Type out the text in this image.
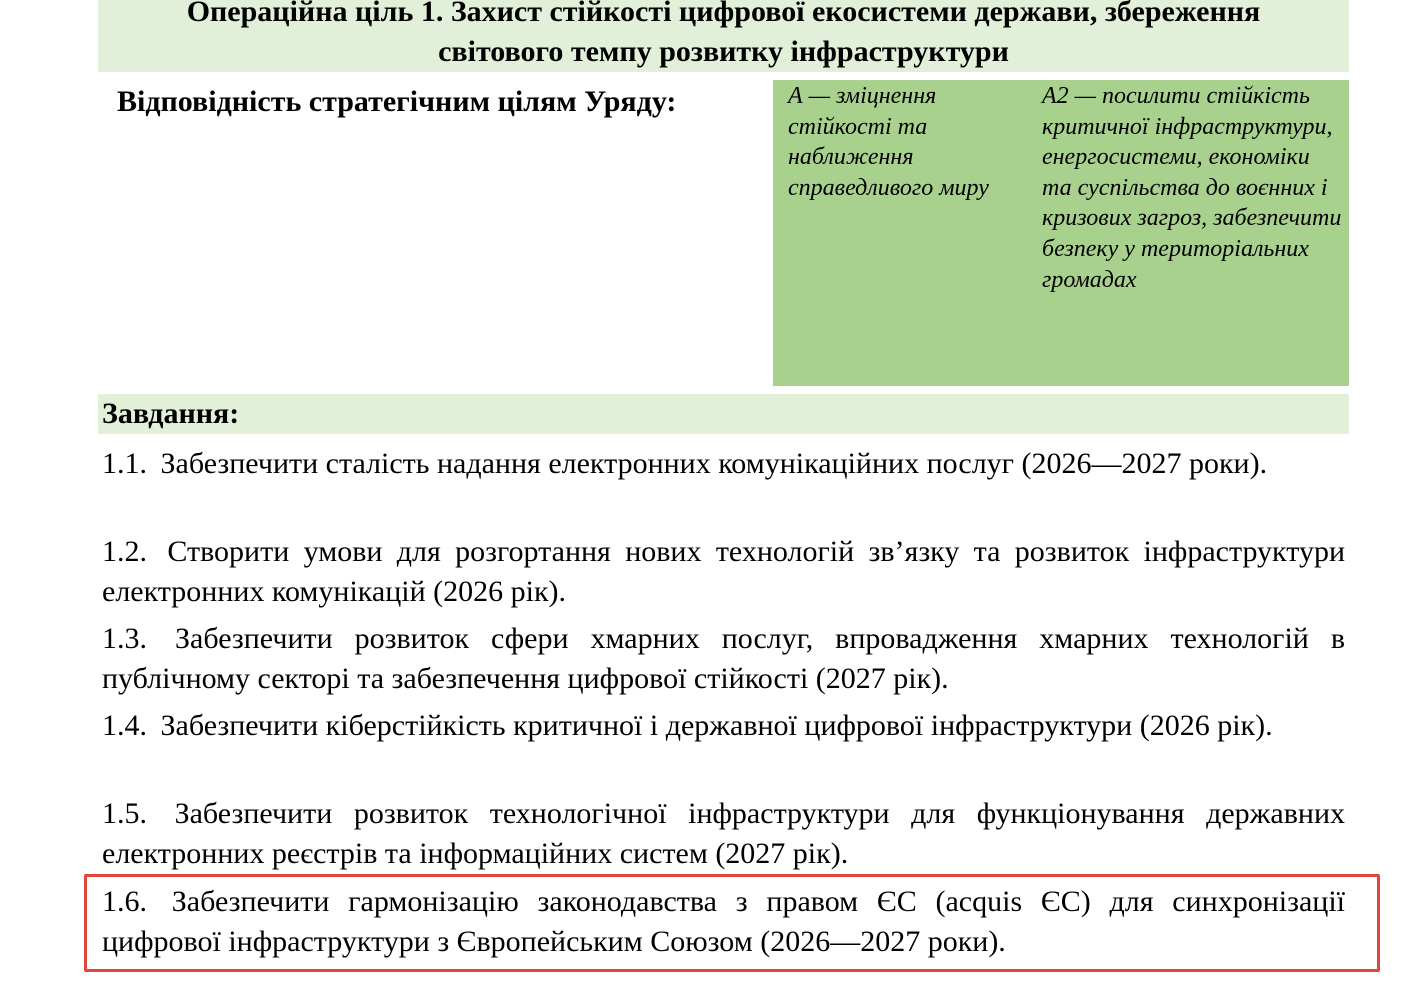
Операційна ціль 1. Захист стійкості цифрової екосистеми держави, збереження
світового темпу розвитку інфраструктури
Відповідність стратегічним цілям Уряду:	А — зміцнення стійкості та наближення справедливого миру
А2 — посилити стійкість критичної інфраструктури, енергосистеми, економіки та суспільства до воєнних і кризових загроз, забезпечити безпеку у територіальних громадах
Завдання:
1.1. Забезпечити сталість надання електронних комунікаційних послуг (2026—2027 роки).
1.2. Створити умови для розгортання нових технологій зв’язку та розвиток інфраструктури електронних комунікацій (2026 рік).
1.3. Забезпечити розвиток сфери хмарних послуг, впровадження хмарних технологій в публічному секторі та забезпечення цифрової стійкості (2027 рік).
1.4. Забезпечити кіберстійкість критичної і державної цифрової інфраструктури (2026 рік).
1.5. Забезпечити розвиток технологічної інфраструктури для функціонування державних електронних реєстрів та інформаційних систем (2027 рік).
1.6. Забезпечити гармонізацію законодавства з правом ЄС (acquis ЄС) для синхронізації цифрової інфраструктури з Європейським Союзом (2026—2027 роки).
